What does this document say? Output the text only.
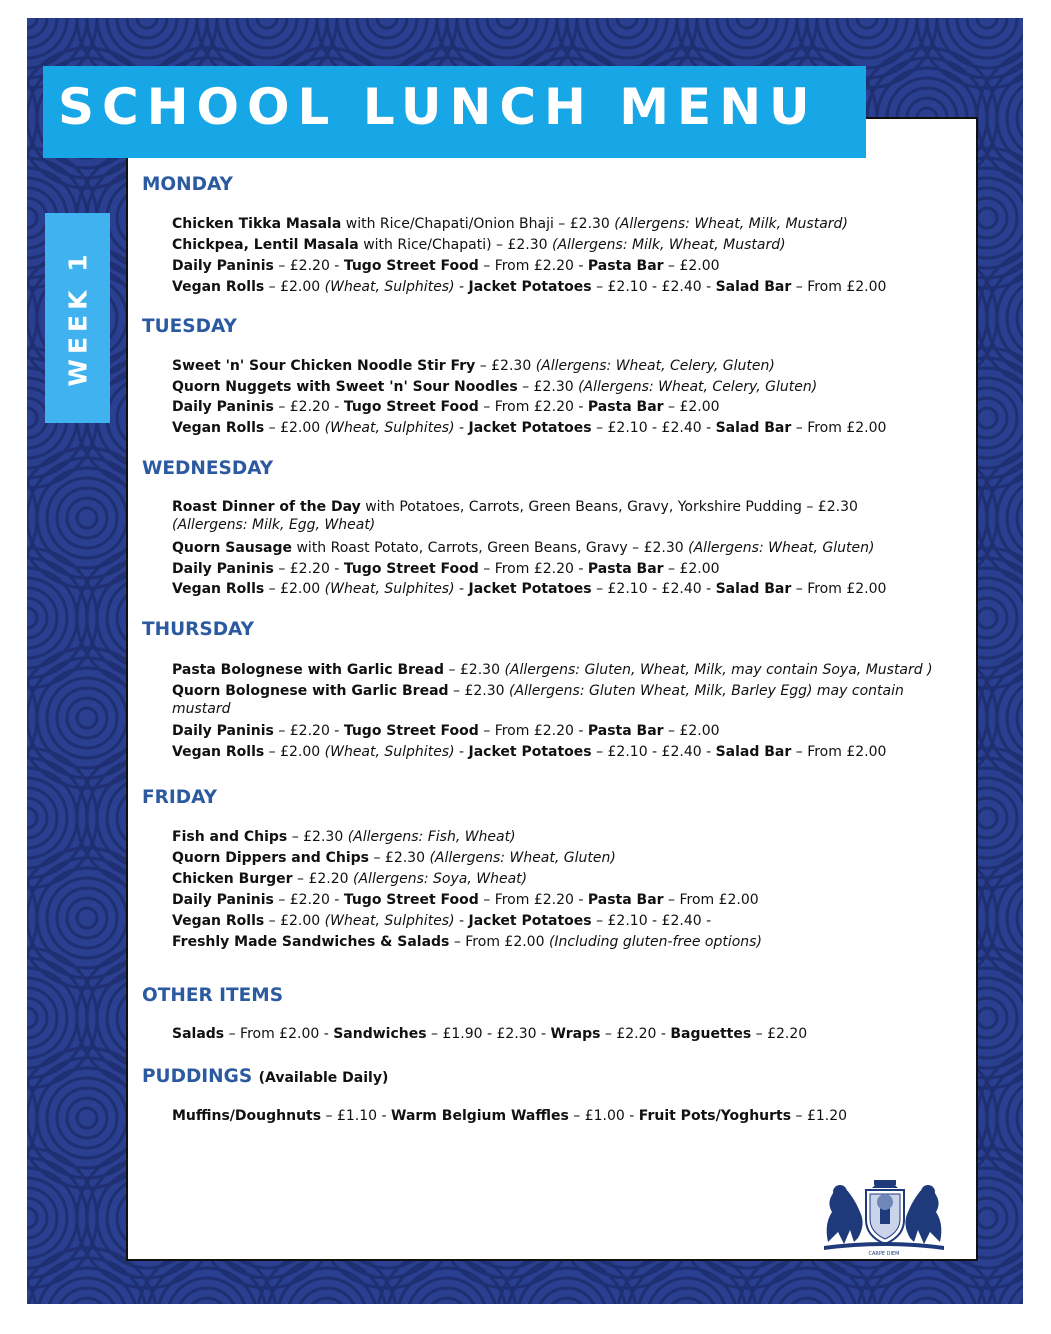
SCHOOL LUNCH MENU
WEEK 1
MONDAY
Chicken Tikka Masala with Rice/Chapati/Onion Bhaji – £2.30 (Allergens: Wheat, Milk, Mustard)
Chickpea, Lentil Masala with Rice/Chapati) – £2.30 (Allergens: Milk, Wheat, Mustard)
Daily Paninis – £2.20 - Tugo Street Food – From £2.20 - Pasta Bar – £2.00
Vegan Rolls – £2.00 (Wheat, Sulphites) - Jacket Potatoes – £2.10 - £2.40 - Salad Bar – From £2.00
TUESDAY
Sweet 'n' Sour Chicken Noodle Stir Fry – £2.30 (Allergens: Wheat, Celery, Gluten)
Quorn Nuggets with Sweet 'n' Sour Noodles – £2.30 (Allergens: Wheat, Celery, Gluten)
Daily Paninis – £2.20 - Tugo Street Food – From £2.20 - Pasta Bar – £2.00
Vegan Rolls – £2.00 (Wheat, Sulphites) - Jacket Potatoes – £2.10 - £2.40 - Salad Bar – From £2.00
WEDNESDAY
Roast Dinner of the Day with Potatoes, Carrots, Green Beans, Gravy, Yorkshire Pudding – £2.30 (Allergens: Milk, Egg, Wheat)
Quorn Sausage with Roast Potato, Carrots, Green Beans, Gravy – £2.30 (Allergens: Wheat, Gluten)
Daily Paninis – £2.20 - Tugo Street Food – From £2.20 - Pasta Bar – £2.00
Vegan Rolls – £2.00 (Wheat, Sulphites) - Jacket Potatoes – £2.10 - £2.40 - Salad Bar – From £2.00
THURSDAY
Pasta Bolognese with Garlic Bread – £2.30 (Allergens: Gluten, Wheat, Milk, may contain Soya, Mustard )
Quorn Bolognese with Garlic Bread – £2.30 (Allergens: Gluten Wheat, Milk, Barley Egg) may contain mustard
Daily Paninis – £2.20 - Tugo Street Food – From £2.20 - Pasta Bar – £2.00
Vegan Rolls – £2.00 (Wheat, Sulphites) - Jacket Potatoes – £2.10 - £2.40 - Salad Bar – From £2.00
FRIDAY
Fish and Chips – £2.30 (Allergens: Fish, Wheat)
Quorn Dippers and Chips – £2.30 (Allergens: Wheat, Gluten)
Chicken Burger – £2.20 (Allergens: Soya, Wheat)
Daily Paninis – £2.20 - Tugo Street Food – From £2.20 - Pasta Bar – From £2.00
Vegan Rolls – £2.00 (Wheat, Sulphites) - Jacket Potatoes – £2.10 - £2.40 -
Freshly Made Sandwiches & Salads – From £2.00 (Including gluten-free options)
OTHER ITEMS
Salads – From £2.00 - Sandwiches – £1.90 - £2.30 - Wraps – £2.20 - Baguettes – £2.20
PUDDINGS (Available Daily)
Muffins/Doughnuts – £1.10 - Warm Belgium Waffles – £1.00 - Fruit Pots/Yoghurts – £1.20
CARPE DIEM
